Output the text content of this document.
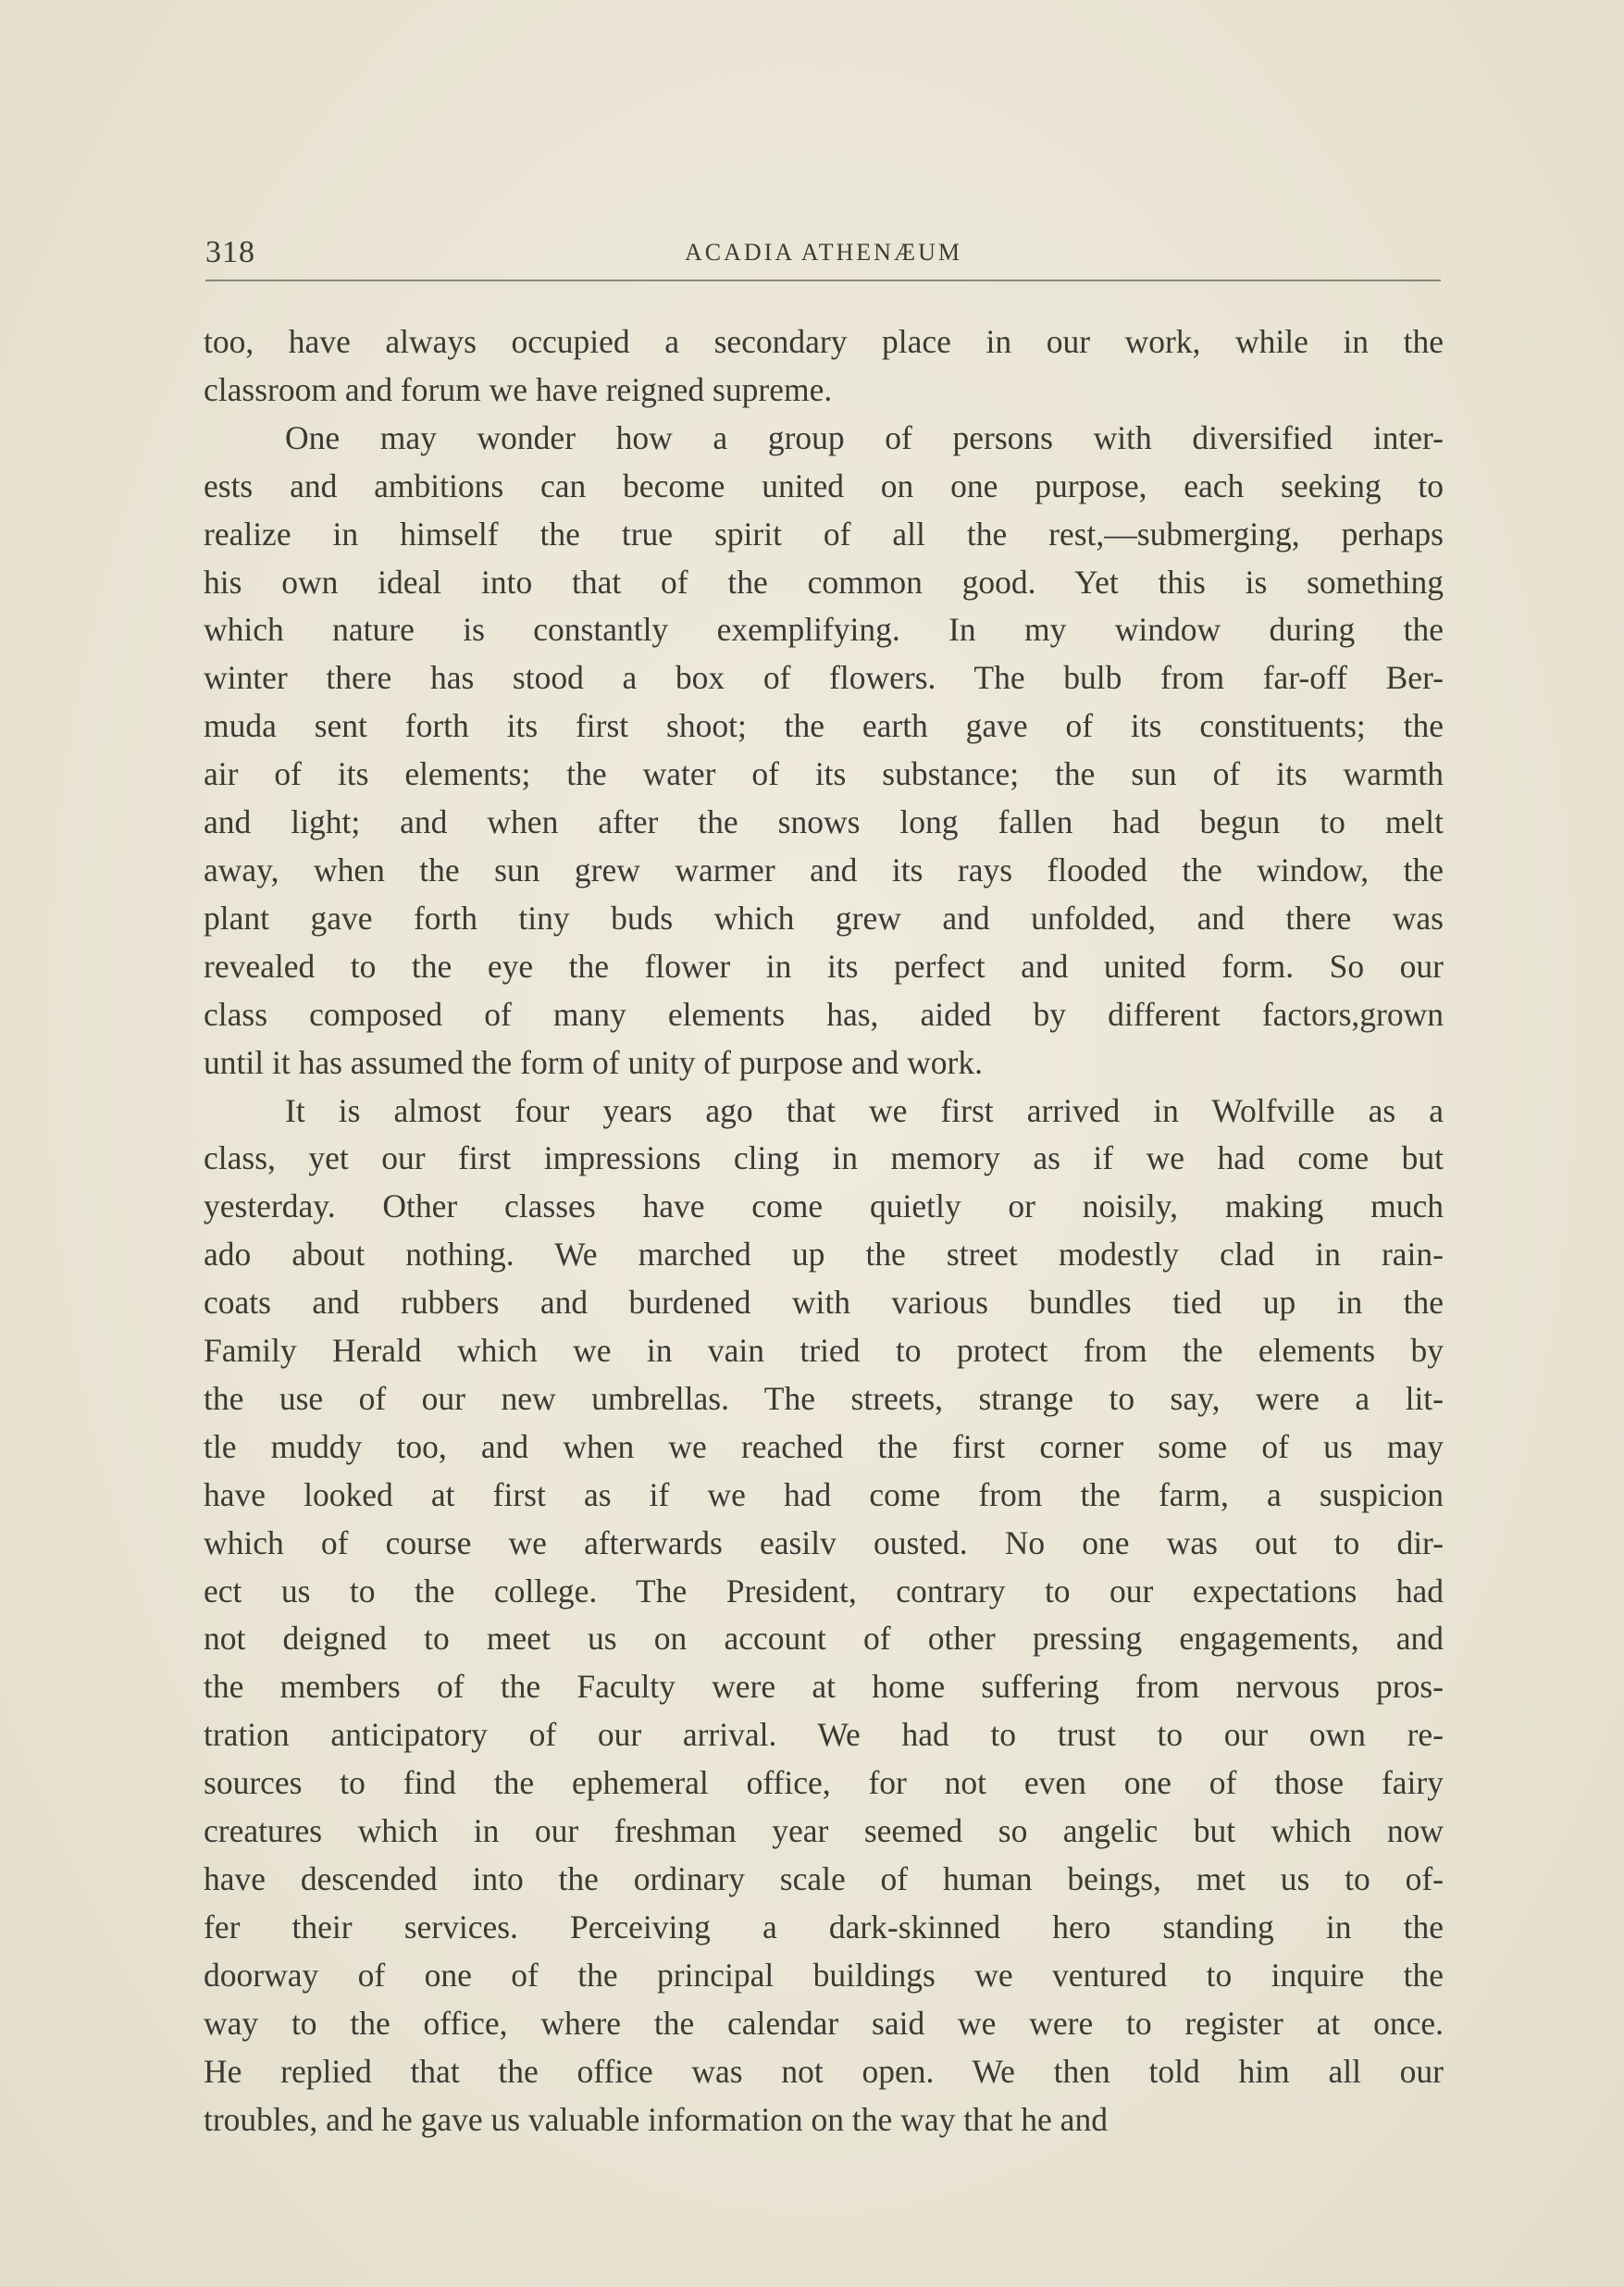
318	ACADIA ATHENÆUM
too, have always occupied a secondary place in our work, while in the
classroom and forum we have reigned supreme.
One may wonder how a group of persons with diversified inter-
ests and ambitions can become united on one purpose, each seeking to
realize in himself the true spirit of all the rest,—submerging, perhaps
his own ideal into that of the common good. Yet this is something
which nature is constantly exemplifying. In my window during the
winter there has stood a box of flowers. The bulb from far-off Ber-
muda sent forth its first shoot; the earth gave of its constituents; the
air of its elements; the water of its substance; the sun of its warmth
and light; and when after the snows long fallen had begun to melt
away, when the sun grew warmer and its rays flooded the window, the
plant gave forth tiny buds which grew and unfolded, and there was
revealed to the eye the flower in its perfect and united form. So our
class composed of many elements has, aided by different factors,grown
until it has assumed the form of unity of purpose and work.
It is almost four years ago that we first arrived in Wolfville as a
class, yet our first impressions cling in memory as if we had come but
yesterday. Other classes have come quietly or noisily, making much
ado about nothing. We marched up the street modestly clad in rain-
coats and rubbers and burdened with various bundles tied up in the
Family Herald which we in vain tried to protect from the elements by
the use of our new umbrellas. The streets, strange to say, were a lit-
tle muddy too, and when we reached the first corner some of us may
have looked at first as if we had come from the farm, a suspicion
which of course we afterwards easilv ousted. No one was out to dir-
ect us to the college. The President, contrary to our expectations had
not deigned to meet us on account of other pressing engagements, and
the members of the Faculty were at home suffering from nervous pros-
tration anticipatory of our arrival. We had to trust to our own re-
sources to find the ephemeral office, for not even one of those fairy
creatures which in our freshman year seemed so angelic but which now
have descended into the ordinary scale of human beings, met us to of-
fer their services. Perceiving a dark-skinned hero standing in the
doorway of one of the principal buildings we ventured to inquire the
way to the office, where the calendar said we were to register at once.
He replied that the office was not open. We then told him all our
troubles, and he gave us valuable information on the way that he and
